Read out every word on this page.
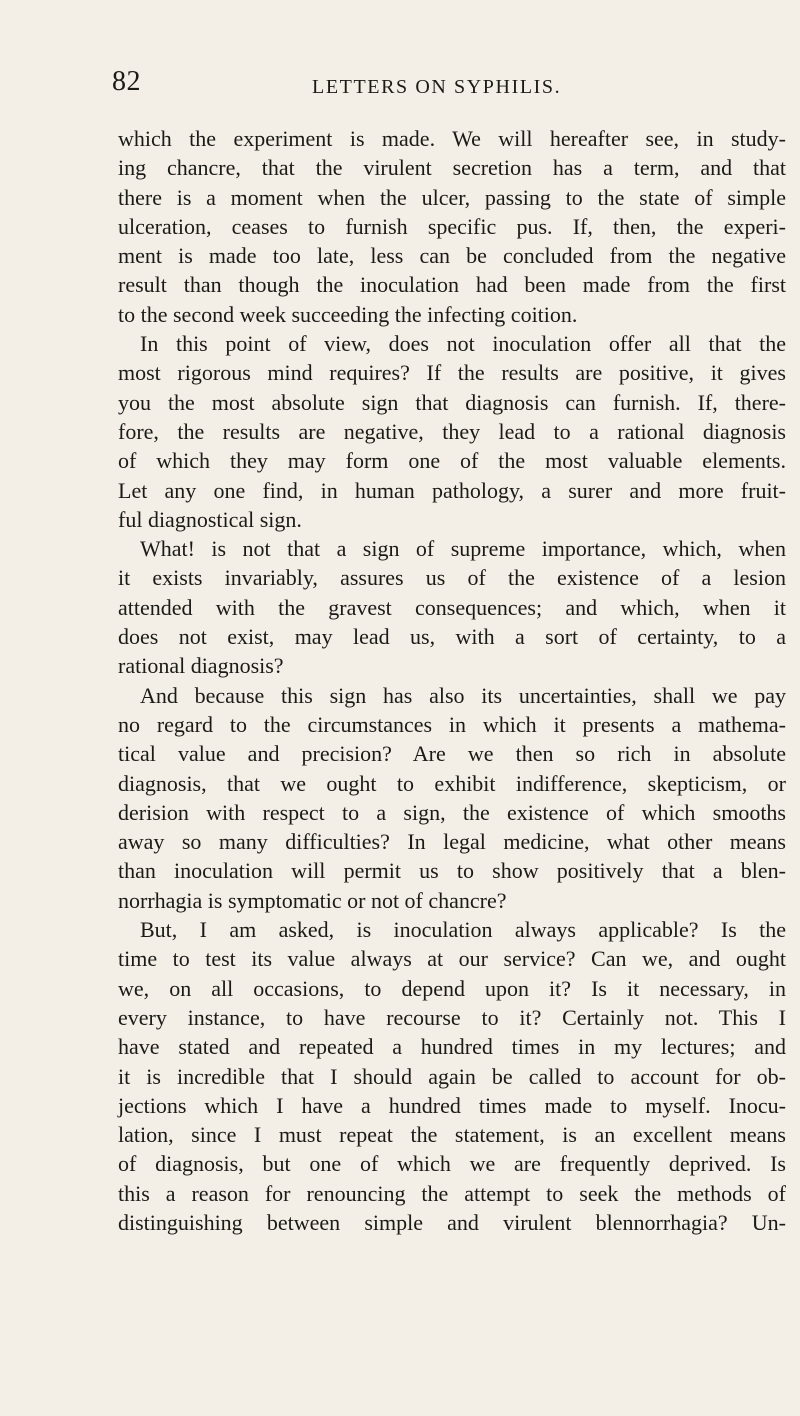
82	LETTERS ON SYPHILIS.
which the experiment is made. We will hereafter see, in study-
ing chancre, that the virulent secretion has a term, and that
there is a moment when the ulcer, passing to the state of simple
ulceration, ceases to furnish specific pus. If, then, the experi-
ment is made too late, less can be concluded from the negative
result than though the inoculation had been made from the first
to the second week succeeding the infecting coition.
In this point of view, does not inoculation offer all that the
most rigorous mind requires? If the results are positive, it gives
you the most absolute sign that diagnosis can furnish. If, there-
fore, the results are negative, they lead to a rational diagnosis
of which they may form one of the most valuable elements.
Let any one find, in human pathology, a surer and more fruit-
ful diagnostical sign.
What! is not that a sign of supreme importance, which, when
it exists invariably, assures us of the existence of a lesion
attended with the gravest consequences; and which, when it
does not exist, may lead us, with a sort of certainty, to a
rational diagnosis?
And because this sign has also its uncertainties, shall we pay
no regard to the circumstances in which it presents a mathema-
tical value and precision? Are we then so rich in absolute
diagnosis, that we ought to exhibit indifference, skepticism, or
derision with respect to a sign, the existence of which smooths
away so many difficulties? In legal medicine, what other means
than inoculation will permit us to show positively that a blen-
norrhagia is symptomatic or not of chancre?
But, I am asked, is inoculation always applicable? Is the
time to test its value always at our service? Can we, and ought
we, on all occasions, to depend upon it? Is it necessary, in
every instance, to have recourse to it? Certainly not. This I
have stated and repeated a hundred times in my lectures; and
it is incredible that I should again be called to account for ob-
jections which I have a hundred times made to myself. Inocu-
lation, since I must repeat the statement, is an excellent means
of diagnosis, but one of which we are frequently deprived. Is
this a reason for renouncing the attempt to seek the methods of
distinguishing between simple and virulent blennorrhagia? Un-
